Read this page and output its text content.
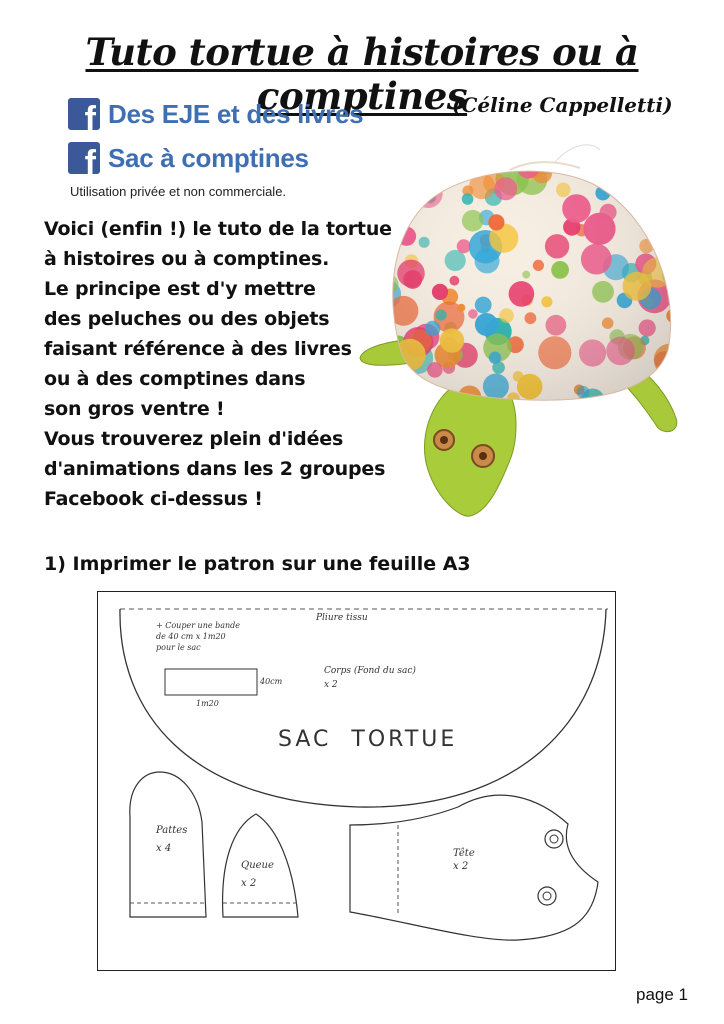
Tuto tortue à histoires ou à comptines
(Céline Cappelletti)
f Des EJE et des livres
f Sac à comptines
Utilisation privée et non commerciale.
Voici (enfin !) le tuto de la tortue
à histoires ou à comptines.
Le principe est d'y mettre
des peluches ou des objets
faisant référence à des livres
ou à des comptines dans
son gros ventre !
Vous trouverez plein d'idées
d'animations dans les 2 groupes
Facebook ci-dessus !
1) Imprimer le patron sur une feuille A3
Pliure tissu
+ Couper une bande
de 40 cm x 1m20
pour le sac
40cm
1m20
Corps (Fond du sac)
x 2
SAC  TORTUE
Pattes
x 4
Queue
x 2
Tête
x 2
page 1
